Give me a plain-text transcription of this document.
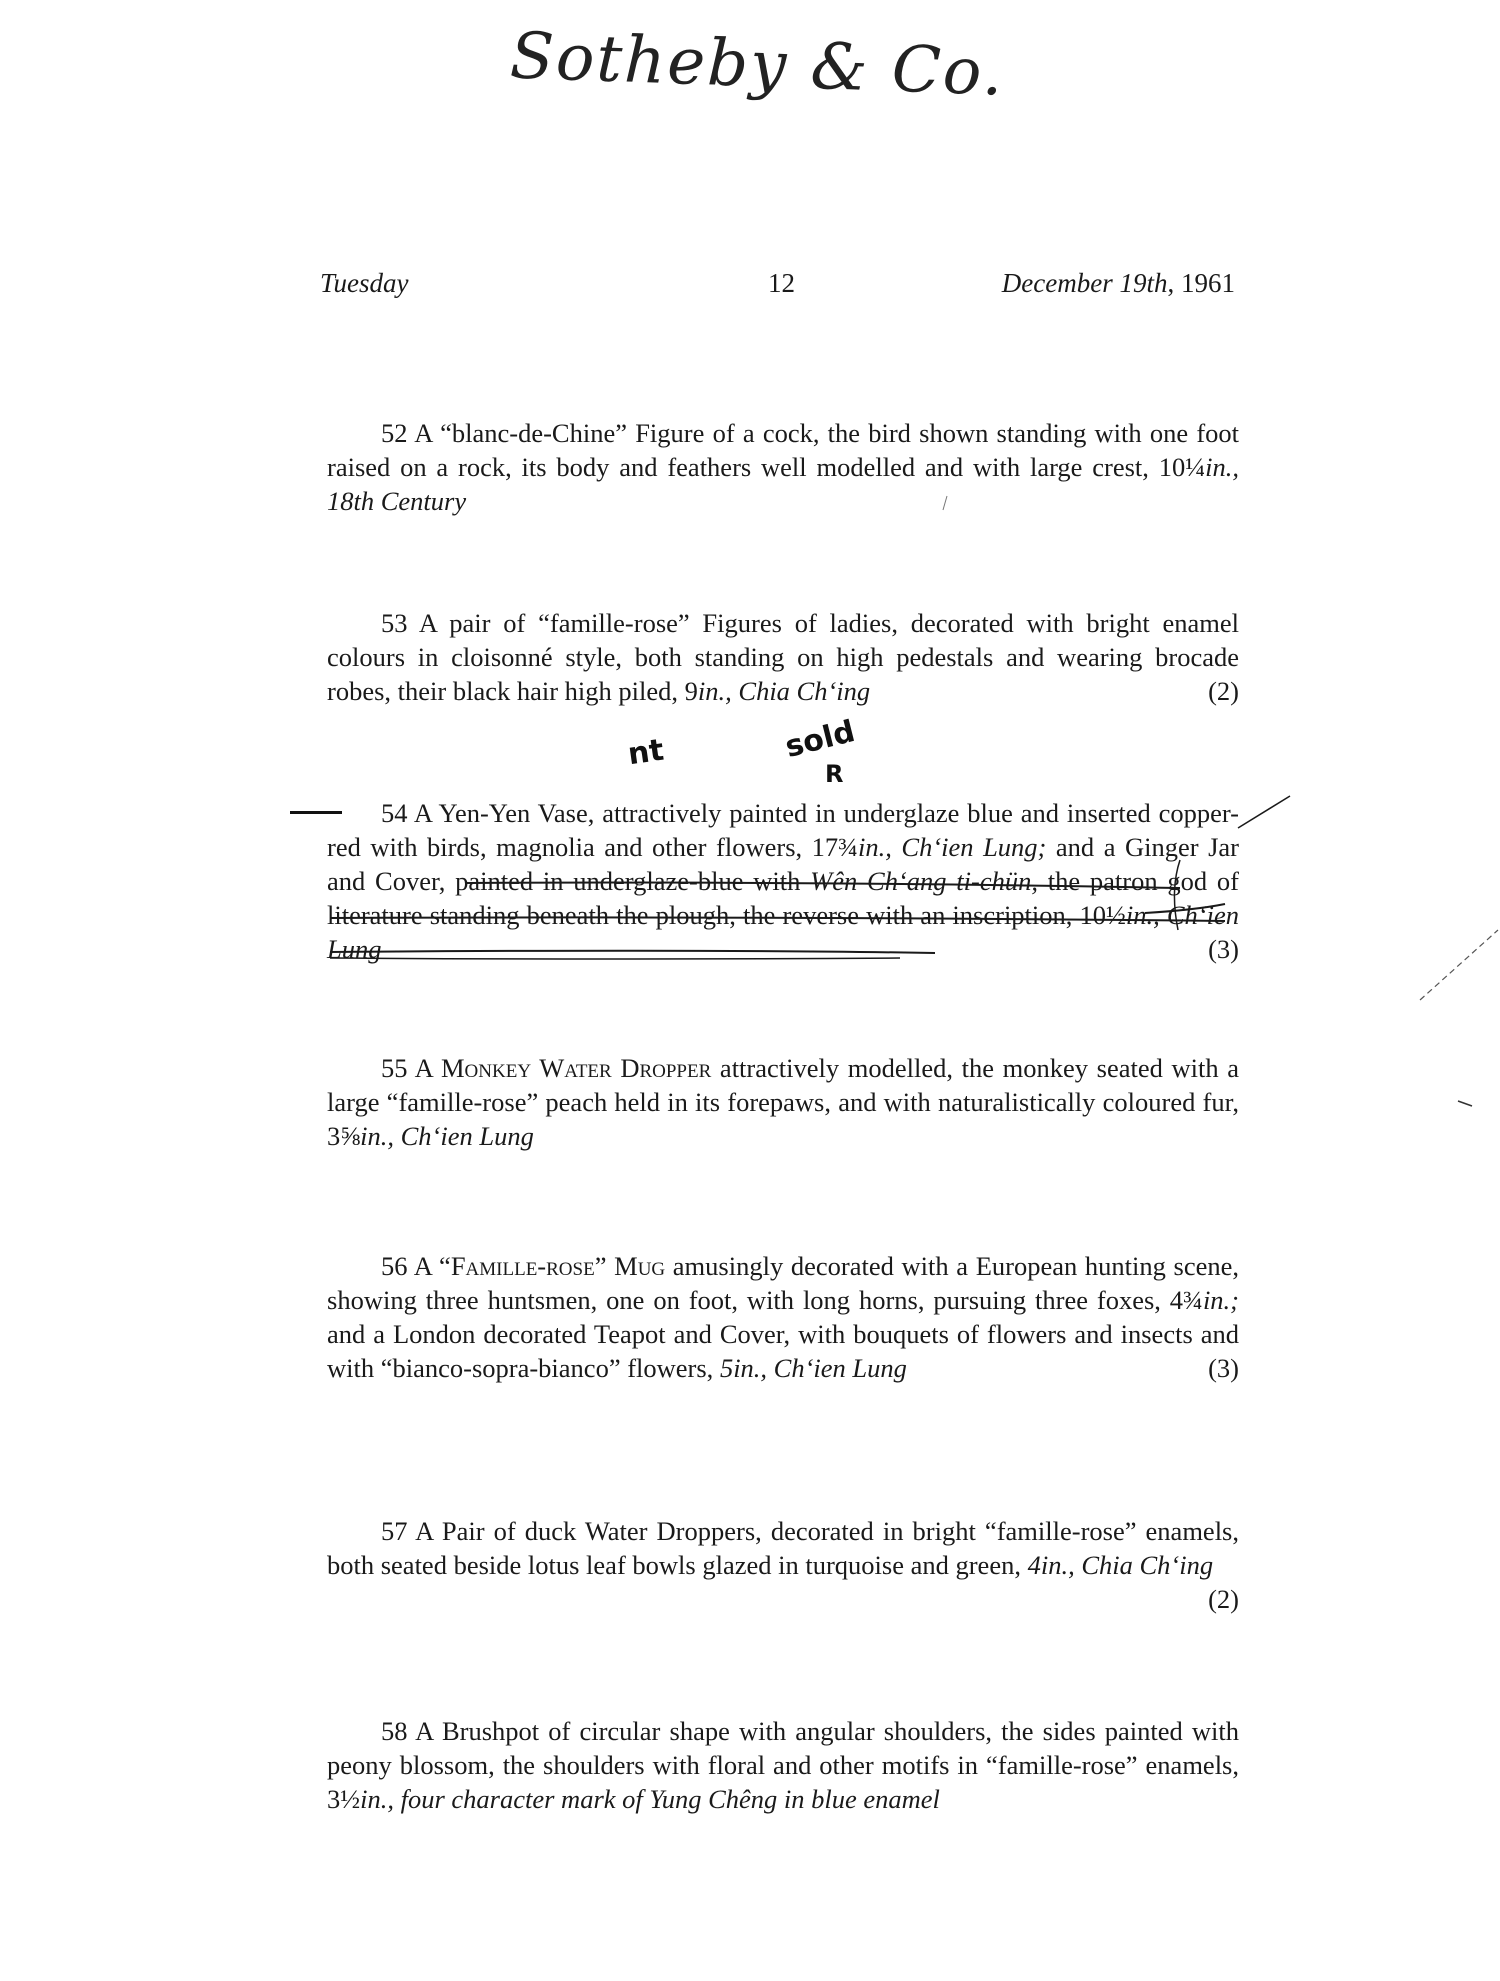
Sotheby & Co.
Tuesday	12	December 19th, 1961

52 A “blanc-de-Chine” Figure of a cock, the bird shown standing with one foot raised on a rock, its body and feathers well modelled and with large crest, 10¼in., 18th Century

53 A pair of “famille-rose” Figures of ladies, decorated with bright enamel colours in cloisonné style, both standing on high pedestals and wearing brocade robes, their black hair high piled, 9in., Chia Ch‘ing	(2)

nt	sold
R

54 A Yen-Yen Vase, attractively painted in underglaze blue and inserted copper-red with birds, magnolia and other flowers, 17¾in., Ch‘ien Lung; and a Ginger Jar and Cover, painted in underglaze-blue with Wên Ch‘ang ti-chün, the patron god of literature standing beneath the plough, the reverse with an inscription, 10½in., Ch‘ien Lung	(3)

55 A Monkey Water Dropper attractively modelled, the monkey seated with a large “famille-rose” peach held in its forepaws, and with naturalistically coloured fur, 3⅝in., Ch‘ien Lung

56 A “Famille-rose” Mug amusingly decorated with a European hunting scene, showing three huntsmen, one on foot, with long horns, pursuing three foxes, 4¾in.; and a London decorated Teapot and Cover, with bouquets of flowers and insects and with “bianco-sopra-bianco” flowers, 5in., Ch‘ien Lung	(3)

57 A Pair of duck Water Droppers, decorated in bright “famille-rose” enamels, both seated beside lotus leaf bowls glazed in turquoise and green, 4in., Chia Ch‘ing
(2)

58 A Brushpot of circular shape with angular shoulders, the sides painted with peony blossom, the shoulders with floral and other motifs in “famille-rose” enamels, 3½in., four character mark of Yung Chêng in blue enamel
